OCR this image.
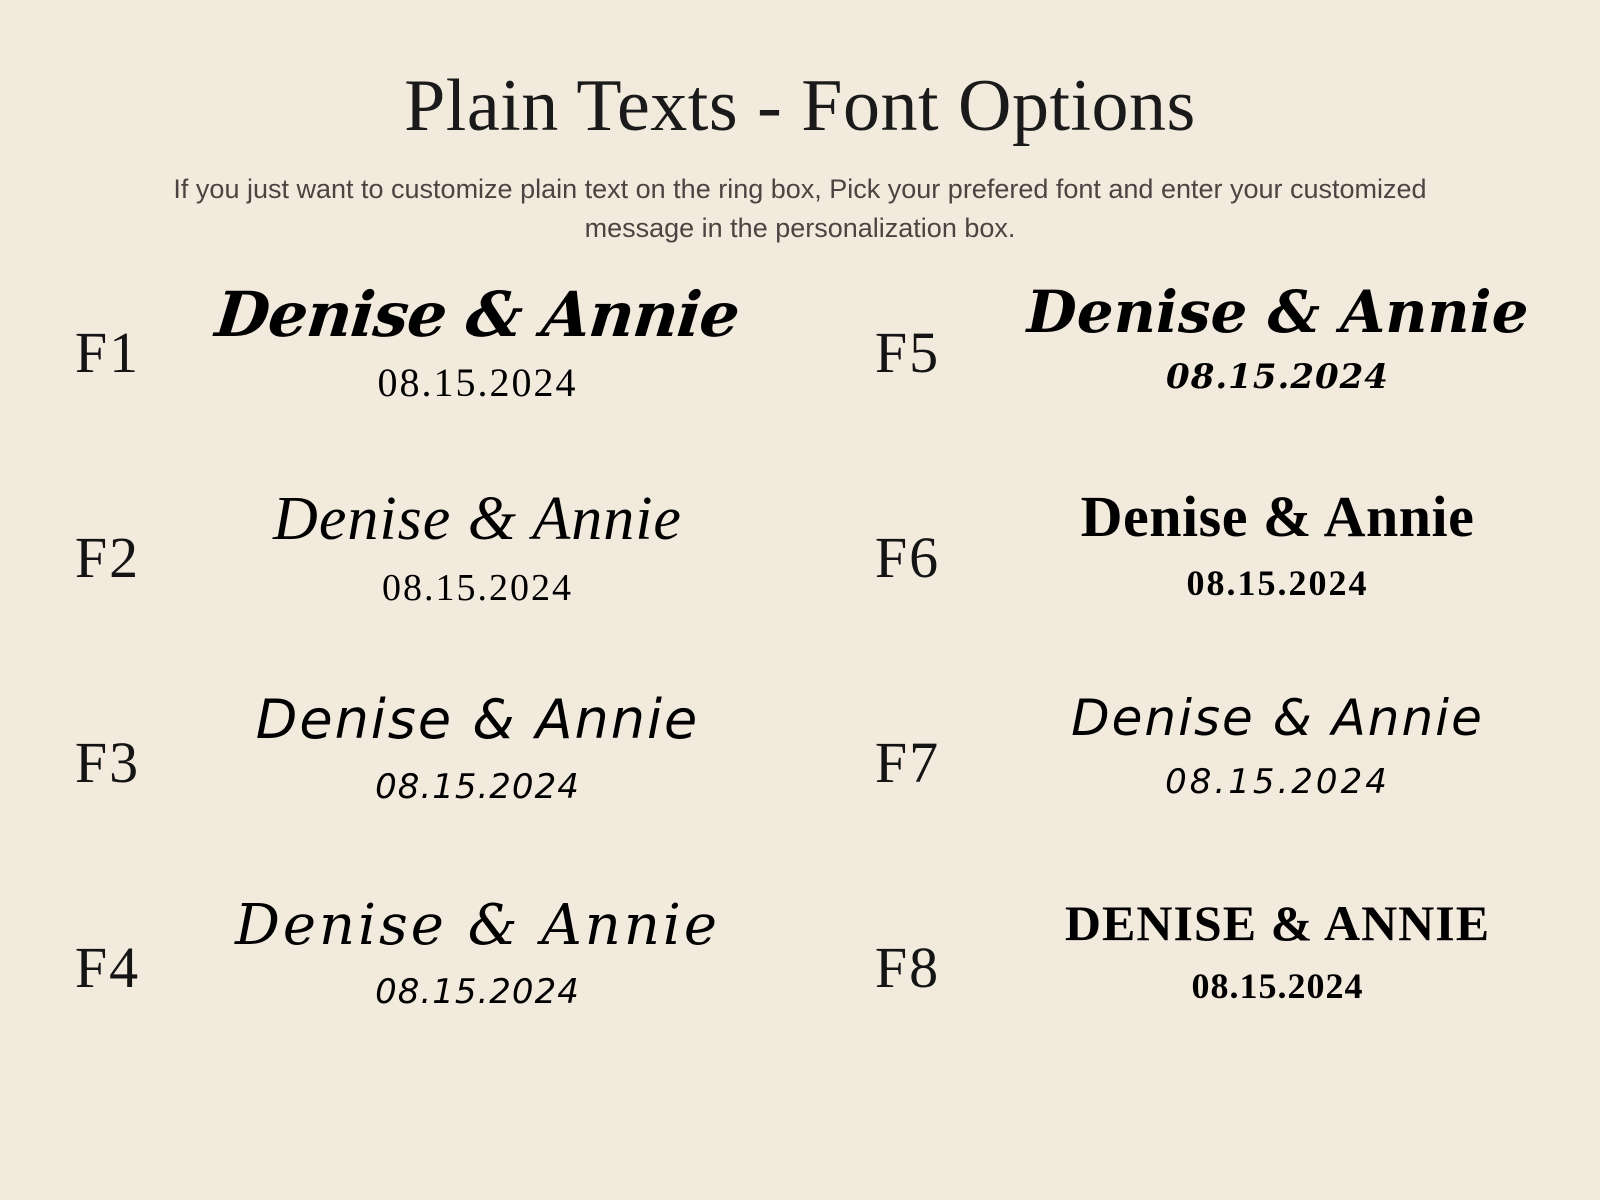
Plain Texts - Font Options

If you just want to customize plain text on the ring box, Pick your prefered font and enter your customized message in the personalization box.

F1
Denise & Annie
08.15.2024	F5
Denise & Annie
08.15.2024
F2
Denise & Annie
08.15.2024	F6
Denise & Annie
08.15.2024
F3
Denise & Annie
08.15.2024	F7
Denise & Annie
08.15.2024
F4
Denise & Annie
08.15.2024	F8
DENISE & ANNIE
08.15.2024
